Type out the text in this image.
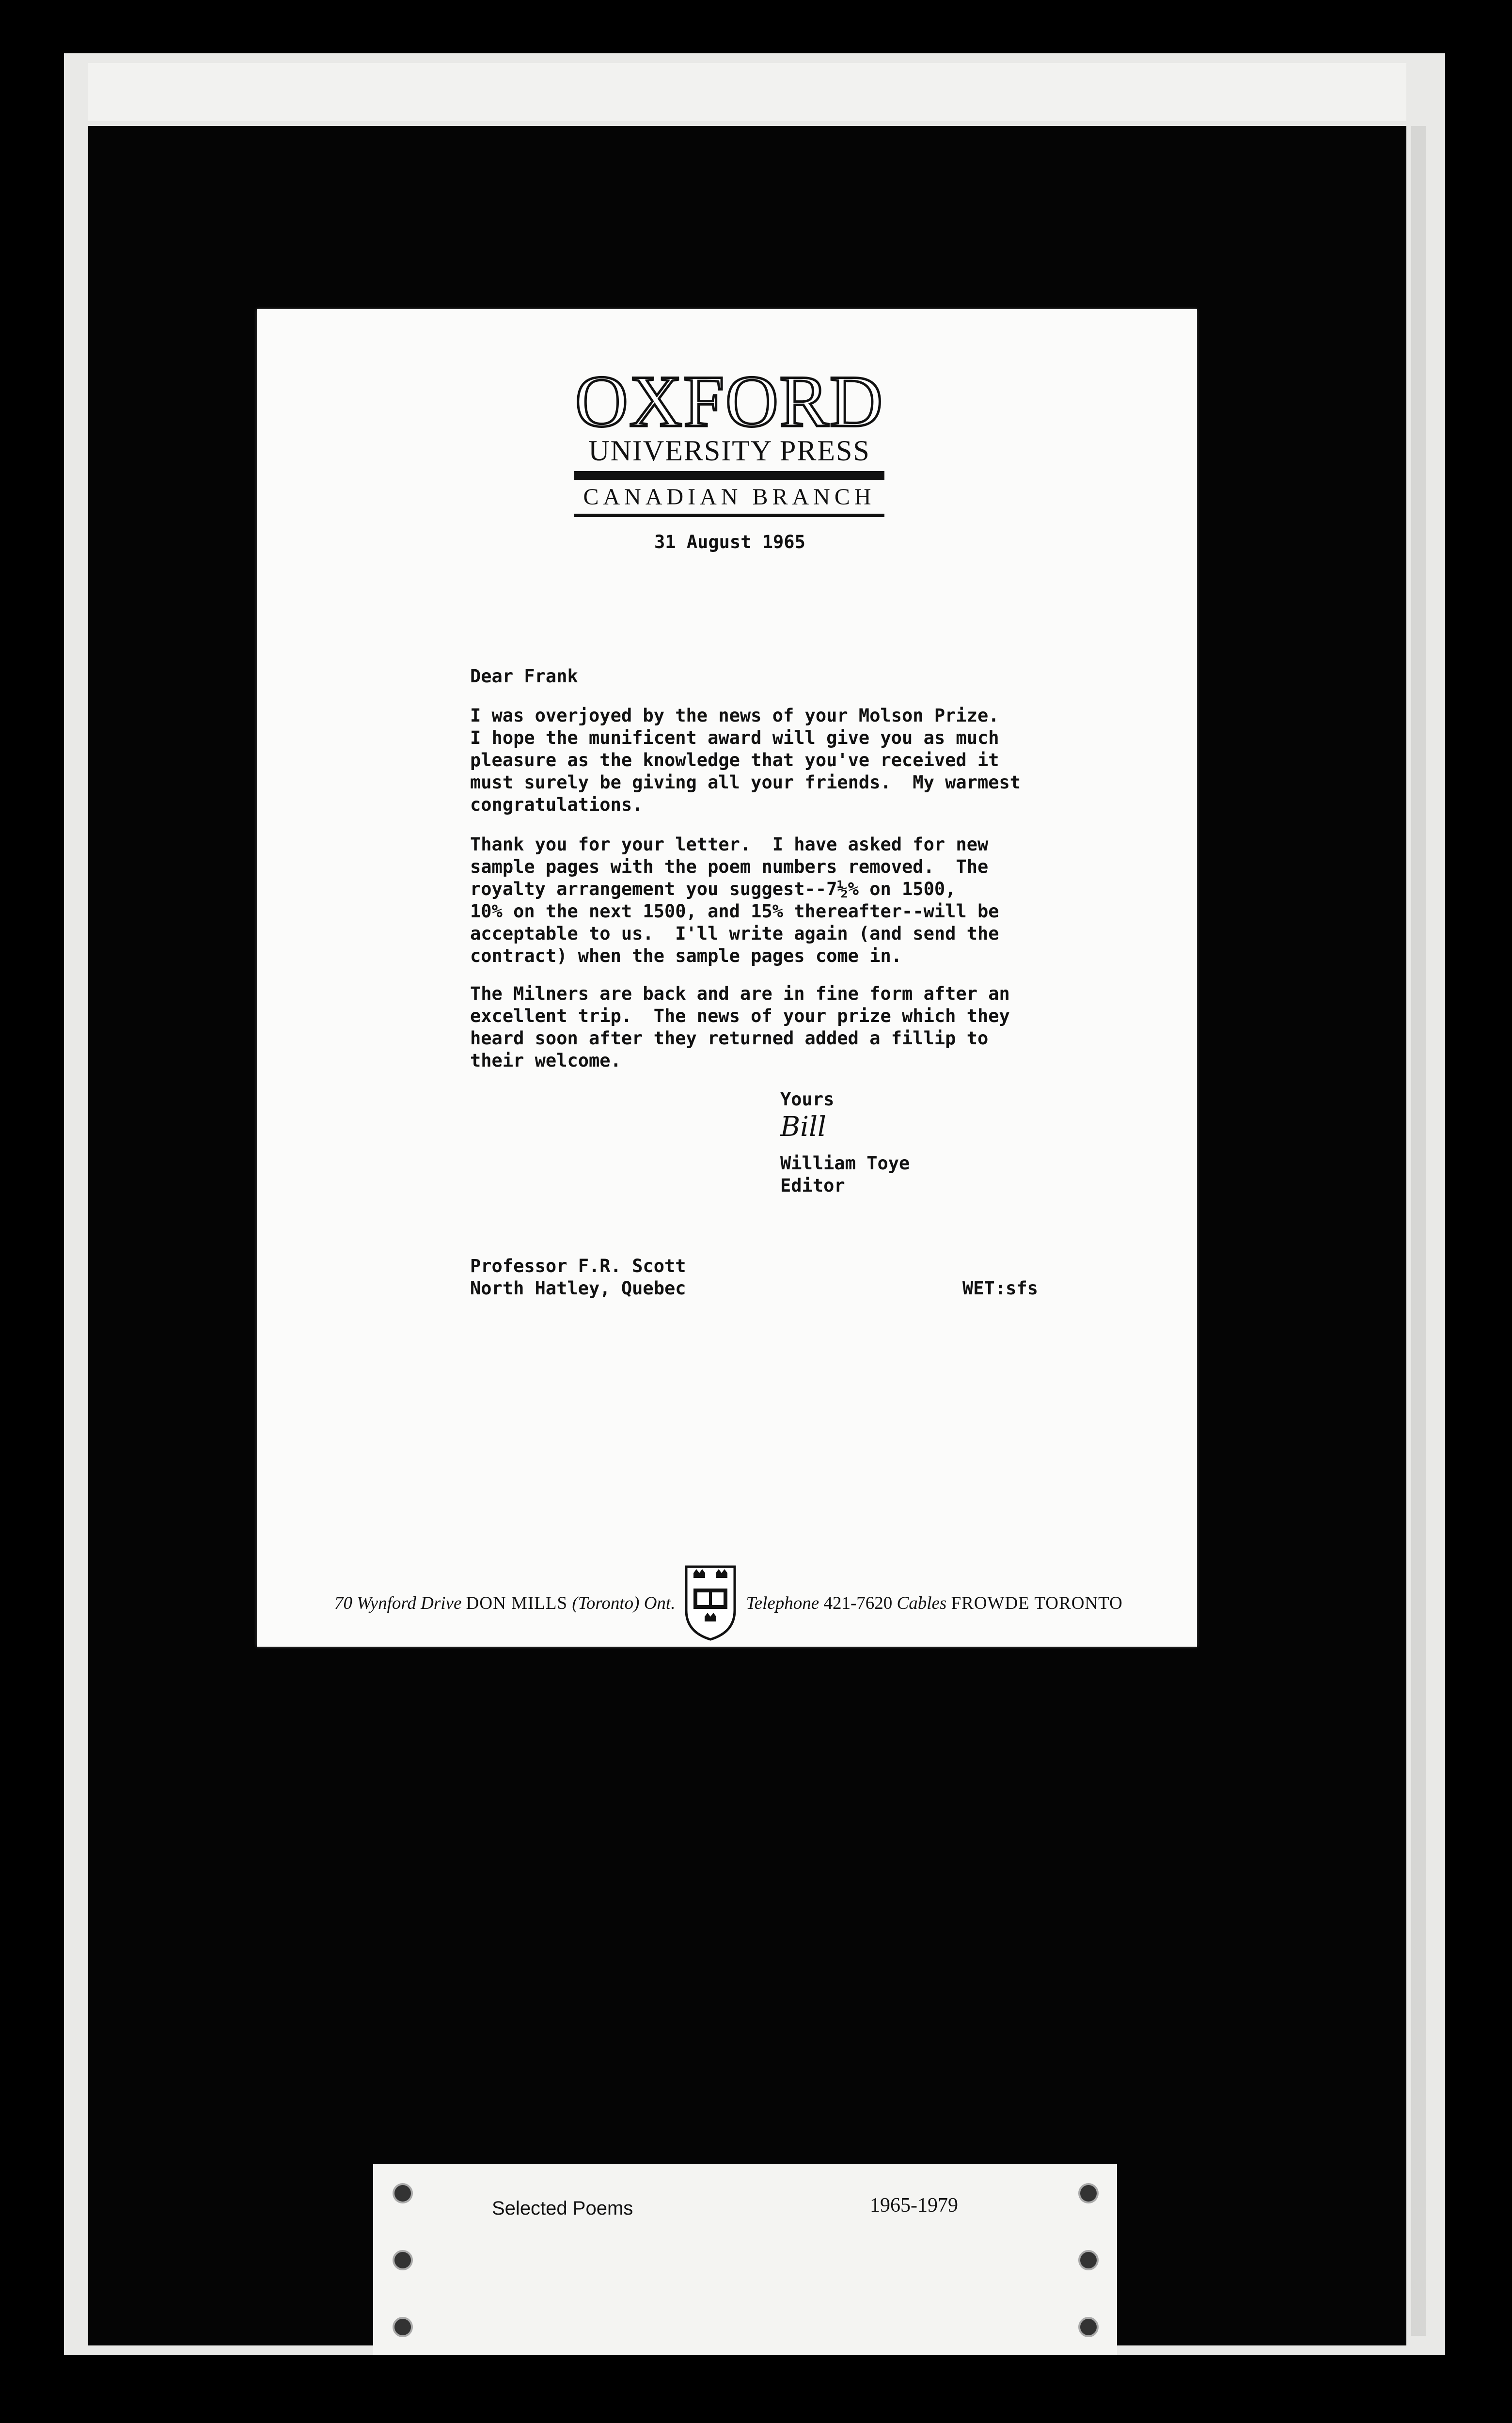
OXFORD
UNIVERSITY PRESS
CANADIAN BRANCH
31 August 1965
Dear Frank
I was overjoyed by the news of your Molson Prize.
I hope the munificent award will give you as much
pleasure as the knowledge that you've received it
must surely be giving all your friends.  My warmest
congratulations.
Thank you for your letter.  I have asked for new
sample pages with the poem numbers removed.  The
royalty arrangement you suggest--7½% on 1500,
10% on the next 1500, and 15% thereafter--will be
acceptable to us.  I'll write again (and send the
contract) when the sample pages come in.
The Milners are back and are in fine form after an
excellent trip.  The news of your prize which they
heard soon after they returned added a fillip to
their welcome.
Yours
Bill
William Toye
Editor
Professor F.R. Scott
North Hatley, Quebec	WET:sfs
70 Wynford Drive DON MILLS (Toronto) Ont.	Telephone 421-7620 Cables FROWDE TORONTO
Selected Poems	1965-1979
